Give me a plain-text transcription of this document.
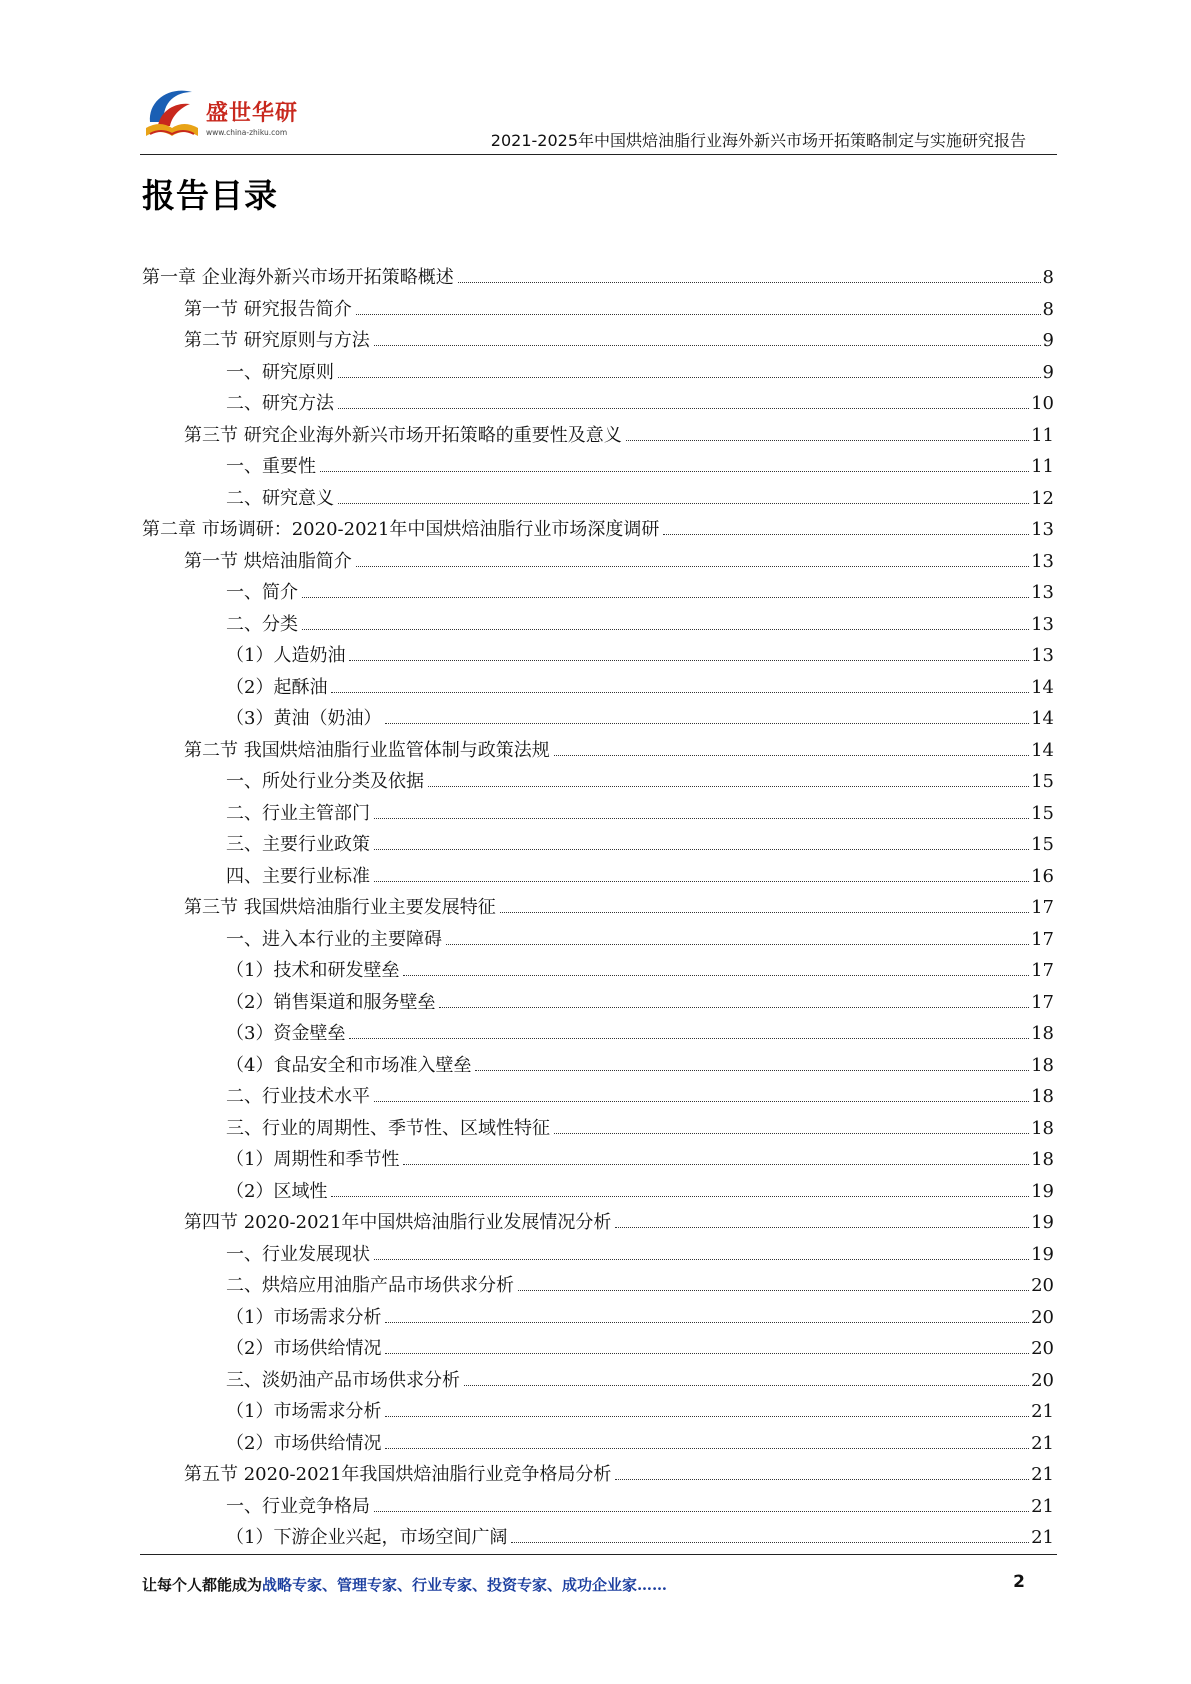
盛世华研
www.china-zhiku.com	2021-2025年中国烘焙油脂行业海外新兴市场开拓策略制定与实施研究报告
报告目录
第一章 企业海外新兴市场开拓策略概述	8
第一节 研究报告简介	8
第二节 研究原则与方法	9
一、研究原则	9
二、研究方法	10
第三节 研究企业海外新兴市场开拓策略的重要性及意义	11
一、重要性	11
二、研究意义	12
第二章 市场调研：2020-2021年中国烘焙油脂行业市场深度调研	13
第一节 烘焙油脂简介	13
一、简介	13
二、分类	13
（1）人造奶油	13
（2）起酥油	14
（3）黄油（奶油）	14
第二节 我国烘焙油脂行业监管体制与政策法规	14
一、所处行业分类及依据	15
二、行业主管部门	15
三、主要行业政策	15
四、主要行业标准	16
第三节 我国烘焙油脂行业主要发展特征	17
一、进入本行业的主要障碍	17
（1）技术和研发壁垒	17
（2）销售渠道和服务壁垒	17
（3）资金壁垒	18
（4）食品安全和市场准入壁垒	18
二、行业技术水平	18
三、行业的周期性、季节性、区域性特征	18
（1）周期性和季节性	18
（2）区域性	19
第四节 2020-2021年中国烘焙油脂行业发展情况分析	19
一、行业发展现状	19
二、烘焙应用油脂产品市场供求分析	20
（1）市场需求分析	20
（2）市场供给情况	20
三、淡奶油产品市场供求分析	20
（1）市场需求分析	21
（2）市场供给情况	21
第五节 2020-2021年我国烘焙油脂行业竞争格局分析	21
一、行业竞争格局	21
（1）下游企业兴起，市场空间广阔	21
让每个人都能成为战略专家、管理专家、行业专家、投资专家、成功企业家……	2
